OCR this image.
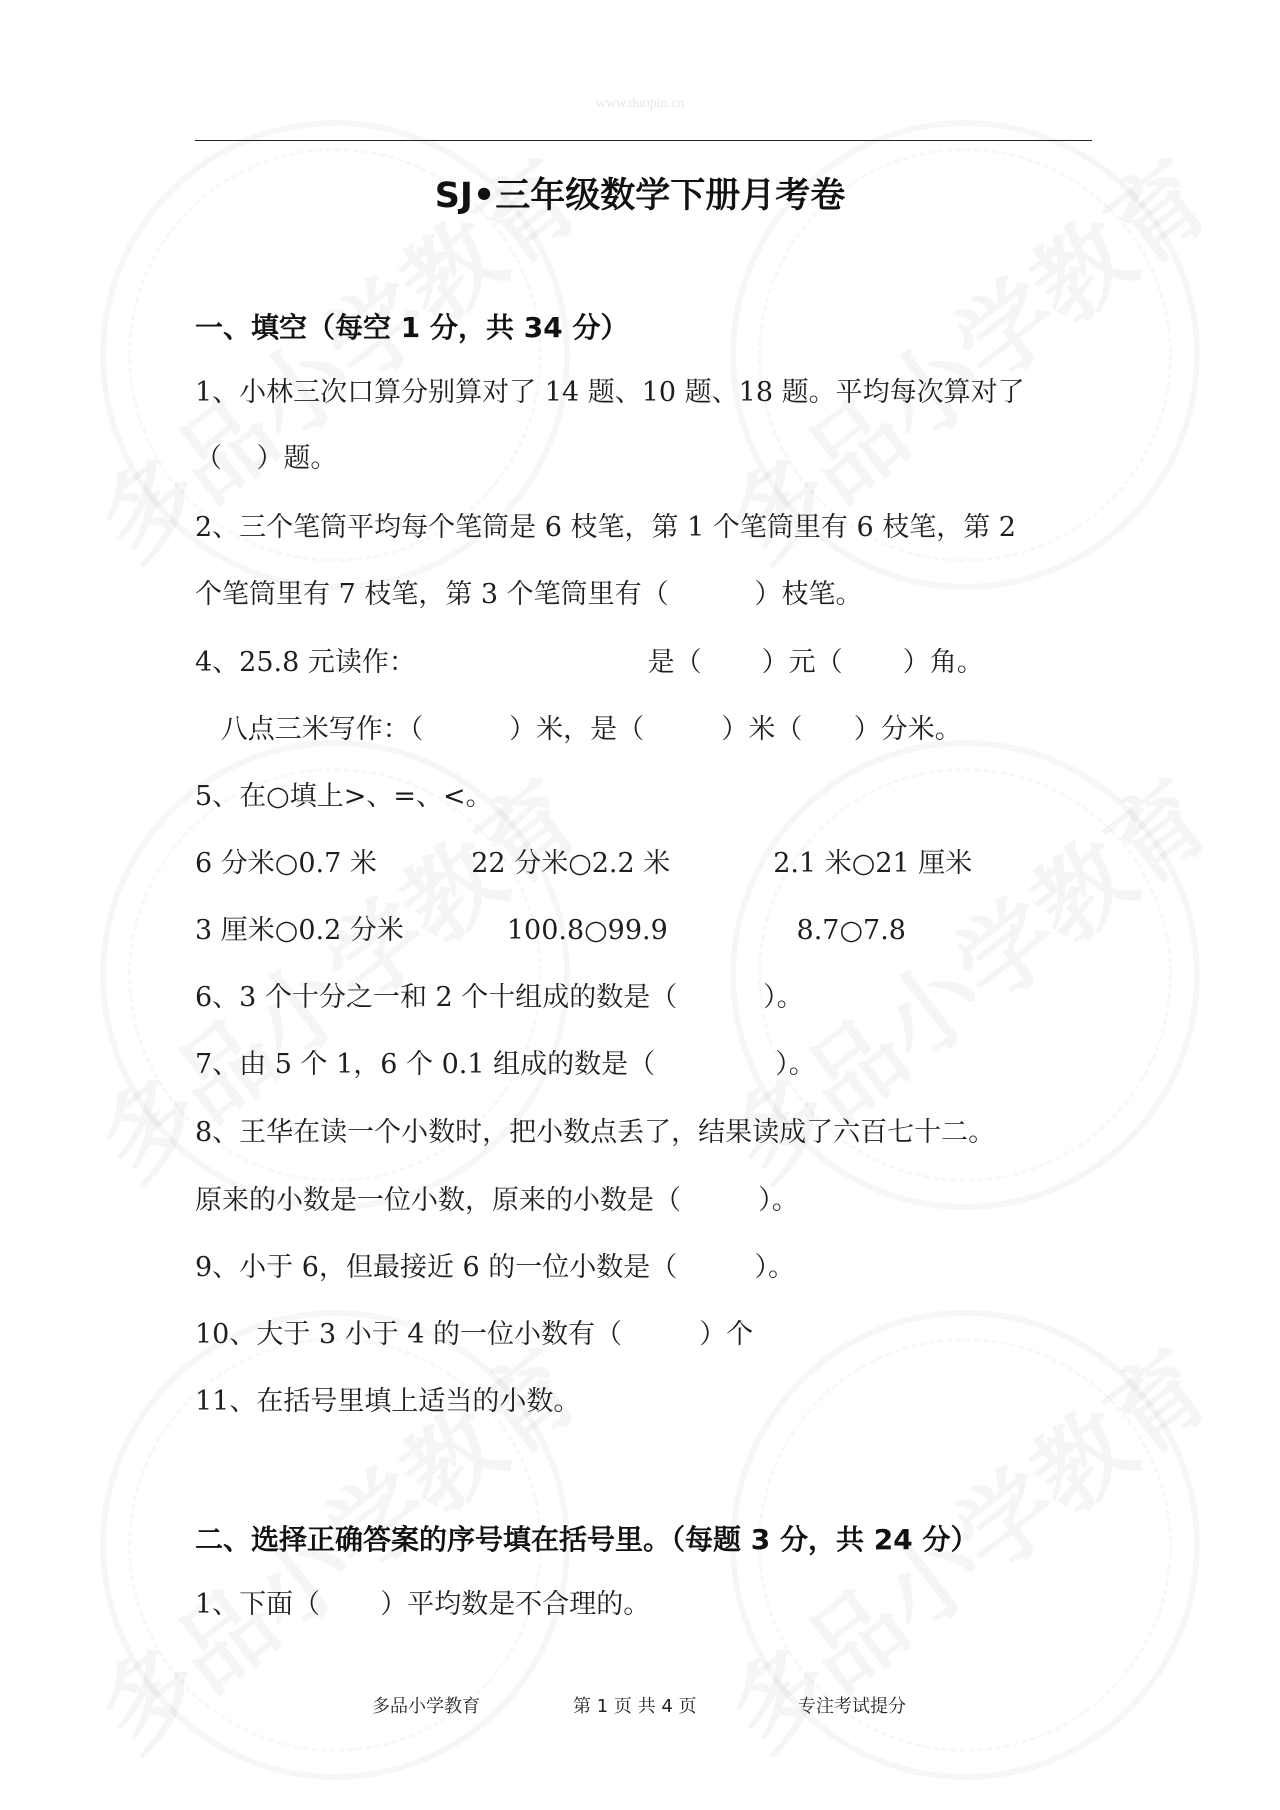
www.duopin.cn
SJ•三年级数学下册月考卷
一、填空（每空 1 分，共 34 分）
1、小林三次口算分别算对了 14 题、10 题、18 题。平均每次算对了
（    ）题。
2、三个笔筒平均每个笔筒是 6 枝笔，第 1 个笔筒里有 6 枝笔，第 2
个笔筒里有 7 枝笔，第 3 个笔筒里有（          ）枝笔。
4、25.8 元读作：                           是（       ）元（       ）角。
八点三米写作：（          ）米，是（         ）米（      ）分米。
5、在○填上>、=、<。
6 分米○0.7 米           22 分米○2.2 米            2.1 米○21 厘米
3 厘米○0.2 分米            100.8○99.9               8.7○7.8
6、3 个十分之一和 2 个十组成的数是（          ）。
7、由 5 个 1，6 个 0.1 组成的数是（              ）。
8、王华在读一个小数时，把小数点丢了，结果读成了六百七十二。
原来的小数是一位小数，原来的小数是（         ）。
9、小于 6，但最接近 6 的一位小数是（         ）。
10、大于 3 小于 4 的一位小数有（         ）个
11、在括号里填上适当的小数。
二、选择正确答案的序号填在括号里。（每题 3 分，共 24 分）
1、下面（       ）平均数是不合理的。
多品小学教育	第 1 页 共 4 页	专注考试提分
